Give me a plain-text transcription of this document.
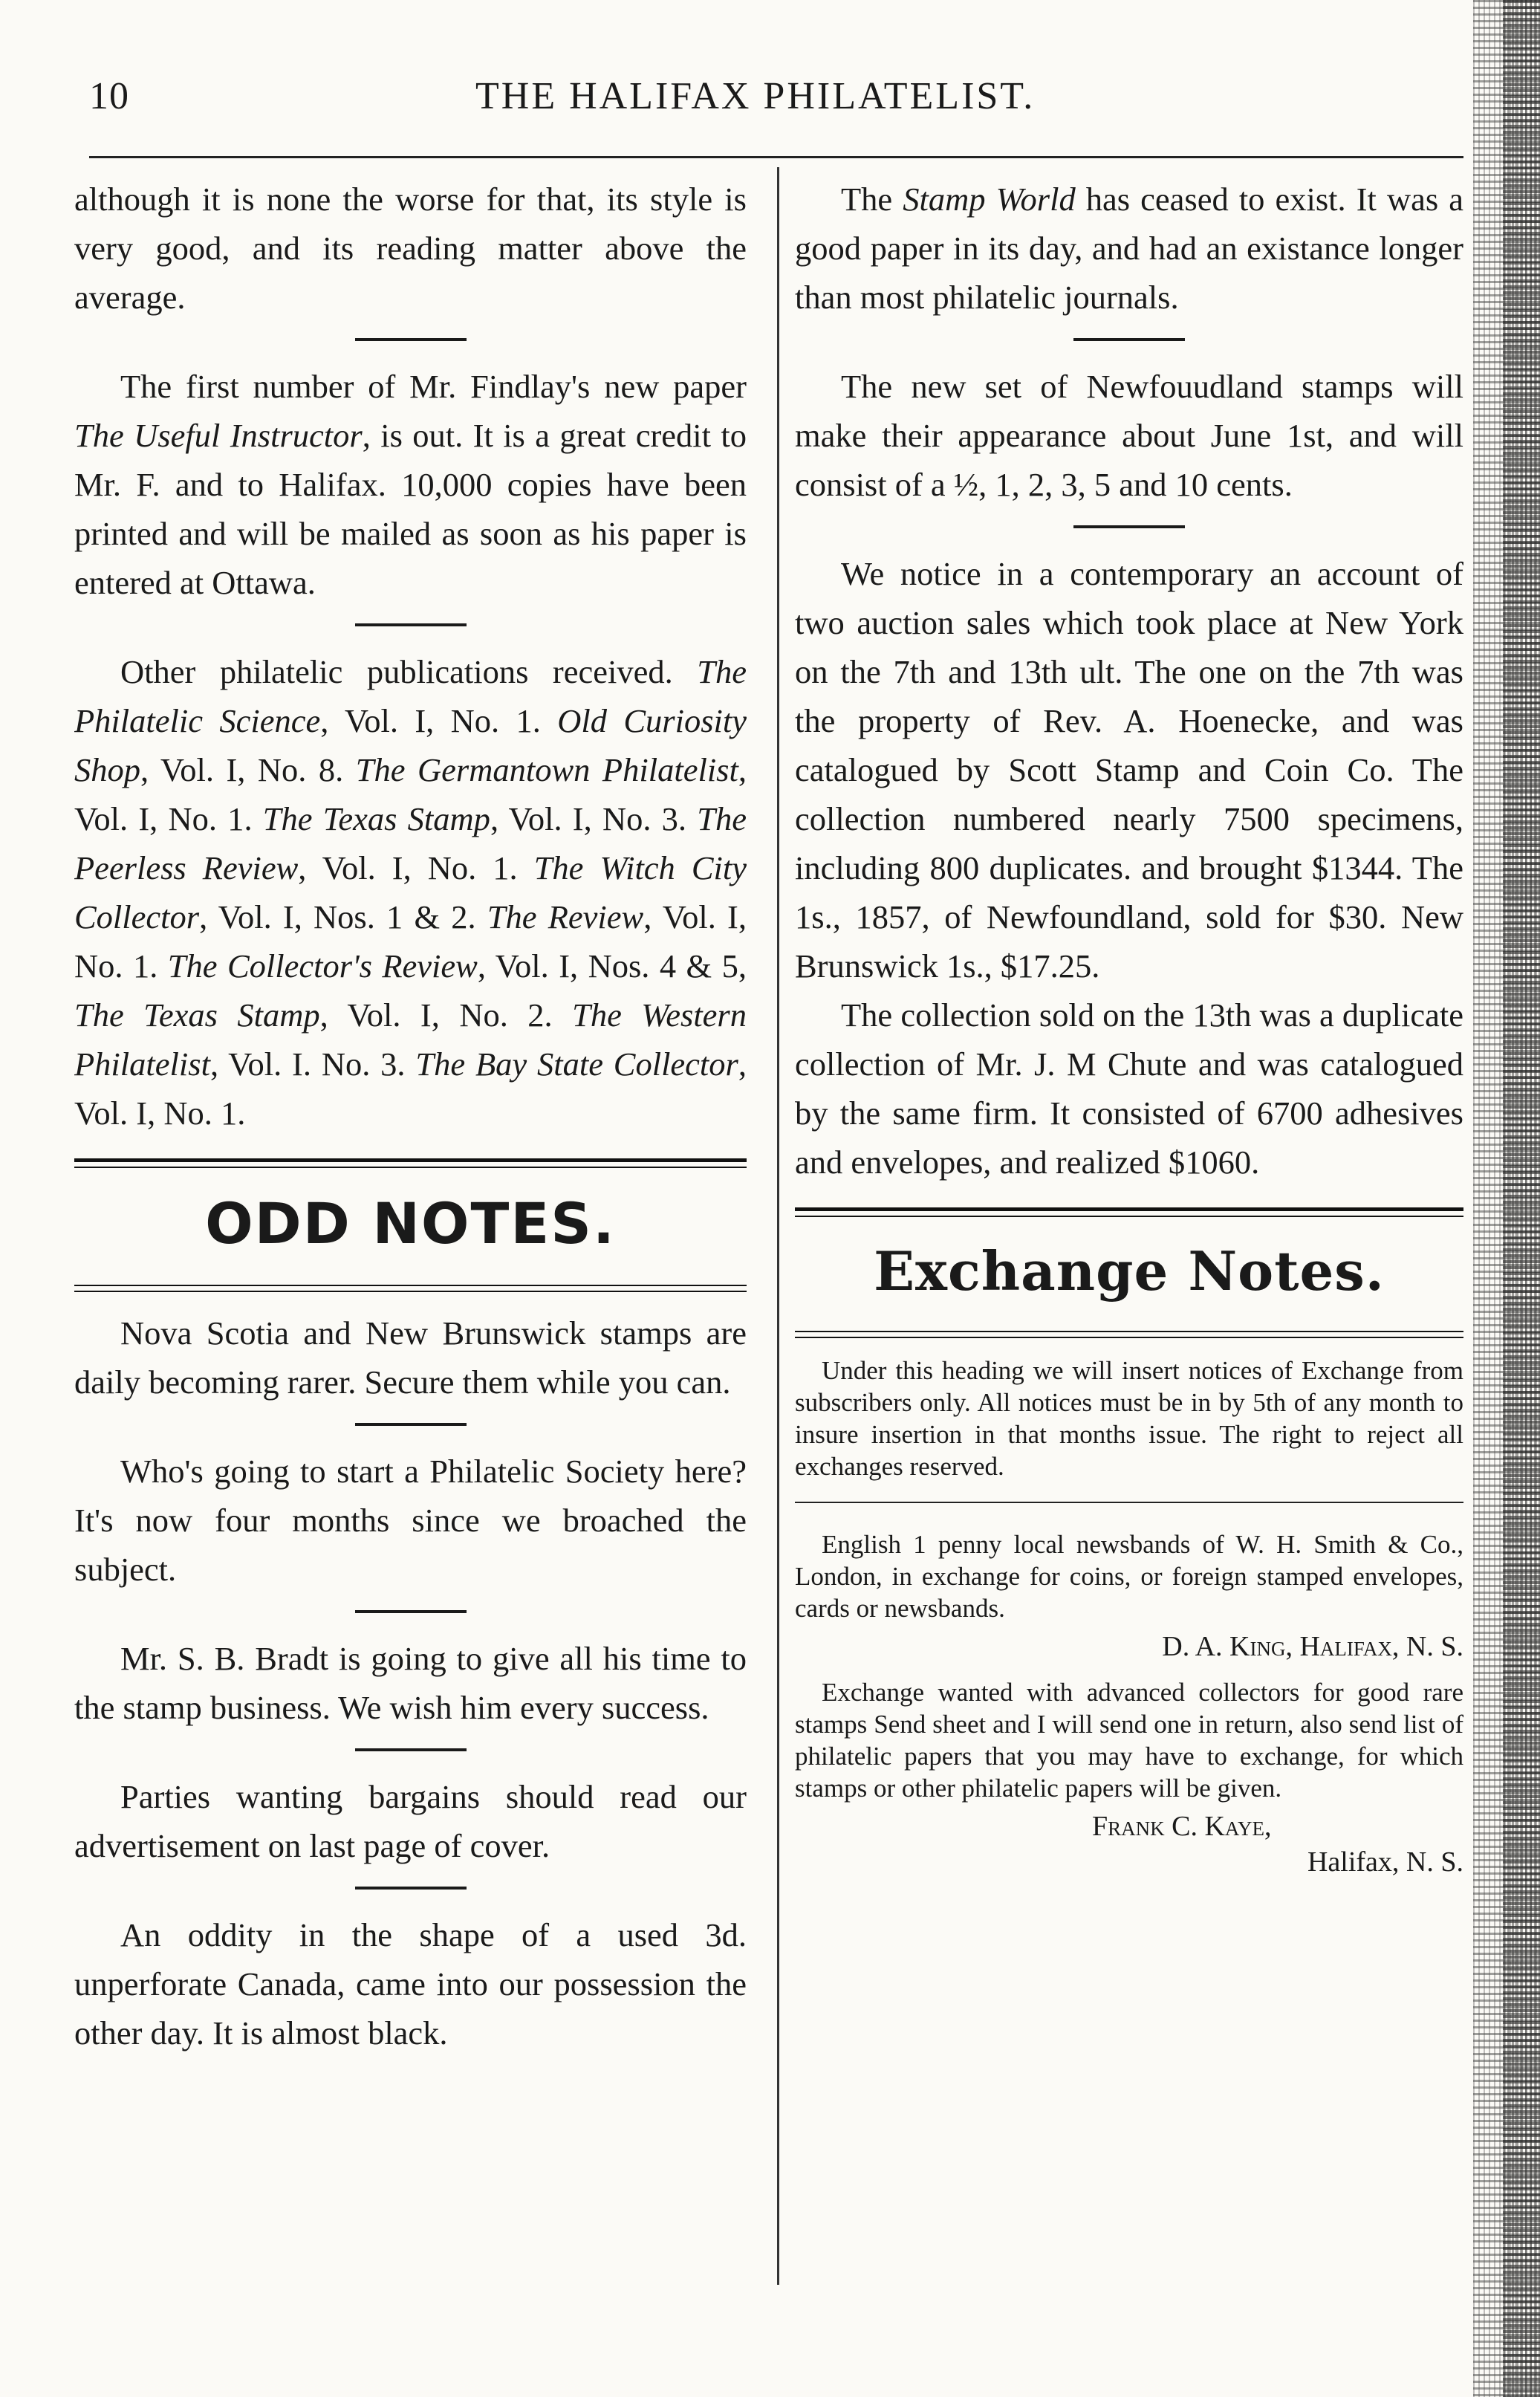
10	THE HALIFAX PHILATELIST.

although it is none the worse for that, its style is very good, and its reading matter above the average.

The first number of Mr. Findlay's new paper The Useful Instructor, is out. It is a great credit to Mr. F. and to Halifax. 10,000 copies have been printed and will be mailed as soon as his paper is entered at Ottawa.

Other philatelic publications received. The Philatelic Science, Vol. I, No. 1. Old Curiosity Shop, Vol. I, No. 8. The Germantown Philatelist, Vol. I, No. 1. The Texas Stamp, Vol. I, No. 3. The Peerless Review, Vol. I, No. 1. The Witch City Collector, Vol. I, Nos. 1 & 2. The Review, Vol. I, No. 1. The Collector's Review, Vol. I, Nos. 4 & 5, The Texas Stamp, Vol. I, No. 2. The Western Philatelist, Vol. I. No. 3. The Bay State Collector, Vol. I, No. 1.

ODD NOTES.

Nova Scotia and New Brunswick stamps are daily becoming rarer. Secure them while you can.

Who's going to start a Philatelic Society here? It's now four months since we broached the subject.

Mr. S. B. Bradt is going to give all his time to the stamp business. We wish him every success.

Parties wanting bargains should read our advertisement on last page of cover.

An oddity in the shape of a used 3d. unperforate Canada, came into our possession the other day. It is almost black.

The Stamp World has ceased to exist. It was a good paper in its day, and had an existance longer than most philatelic journals.

The new set of Newfouudland stamps will make their appearance about June 1st, and will consist of a ½, 1, 2, 3, 5 and 10 cents.

We notice in a contemporary an account of two auction sales which took place at New York on the 7th and 13th ult. The one on the 7th was the property of Rev. A. Hoenecke, and was catalogued by Scott Stamp and Coin Co. The collection numbered nearly 7500 specimens, including 800 duplicates. and brought $1344. The 1s., 1857, of Newfoundland, sold for $30. New Brunswick 1s., $17.25.

The collection sold on the 13th was a duplicate collection of Mr. J. M Chute and was catalogued by the same firm. It consisted of 6700 adhesives and envelopes, and realized $1060.

Exchange Notes.

Under this heading we will insert notices of Exchange from subscribers only. All notices must be in by 5th of any month to insure insertion in that months issue. The right to reject all exchanges reserved.

English 1 penny local newsbands of W. H. Smith & Co., London, in exchange for coins, or foreign stamped envelopes, cards or newsbands.

D. A. King, Halifax, N. S.

Exchange wanted with advanced collectors for good rare stamps Send sheet and I will send one in return, also send list of philatelic papers that you may have to exchange, for which stamps or other philatelic papers will be given.

Frank C. Kaye,

Halifax, N. S.
